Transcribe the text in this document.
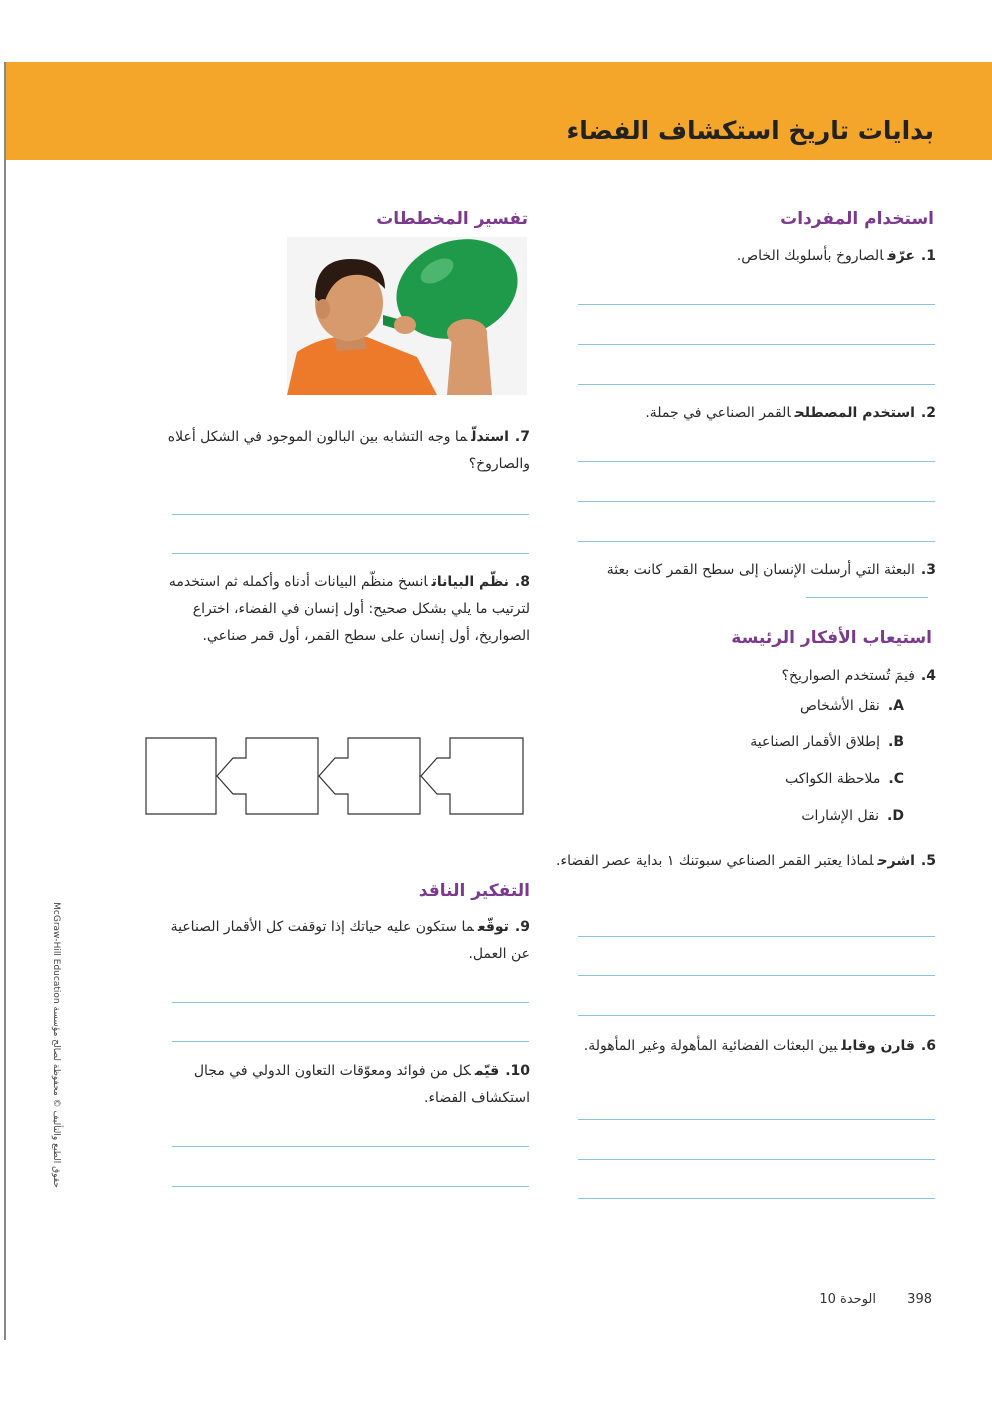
بدايات تاريخ استكشاف الفضاء
استخدام المفردات
1.عرّفالصاروخ بأسلوبك الخاص.
2.استخدم المصطلحالقمر الصناعي في جملة.
3.البعثة التي أرسلت الإنسان إلى سطح القمر كانت بعثة
استيعاب الأفكار الرئيسة
4.فيمَ تُستخدم الصواريخ؟
A.نقل الأشخاص
B.إطلاق الأقمار الصناعية
C.ملاحظة الكواكب
D.نقل الإشارات
5.اشرحلماذا يعتبر القمر الصناعي سبوتنك ١ بداية عصر الفضاء.
6.قارن وقابلبين البعثات الفضائية المأهولة وغير المأهولة.
تفسير المخططات
7.استدلّما وجه التشابه بين البالون الموجود في الشكل أعلاه والصاروخ؟
8.نظّم البياناتانسخ منظّم البيانات أدناه وأكمله ثم استخدمه لترتيب ما يلي بشكل صحيح: أول إنسان في الفضاء، اختراع الصواريخ، أول إنسان على سطح القمر، أول قمر صناعي.
التفكير الناقد
9.توقّعما ستكون عليه حياتك إذا توقفت كل الأقمار الصناعية عن العمل.
10.قيّمكل من فوائد ومعوّقات التعاون الدولي في مجال استكشاف الفضاء.
حقوق الطبع والتأليف © محفوظة لصالح مؤسسة McGraw-Hill Education
398
الوحدة 10
